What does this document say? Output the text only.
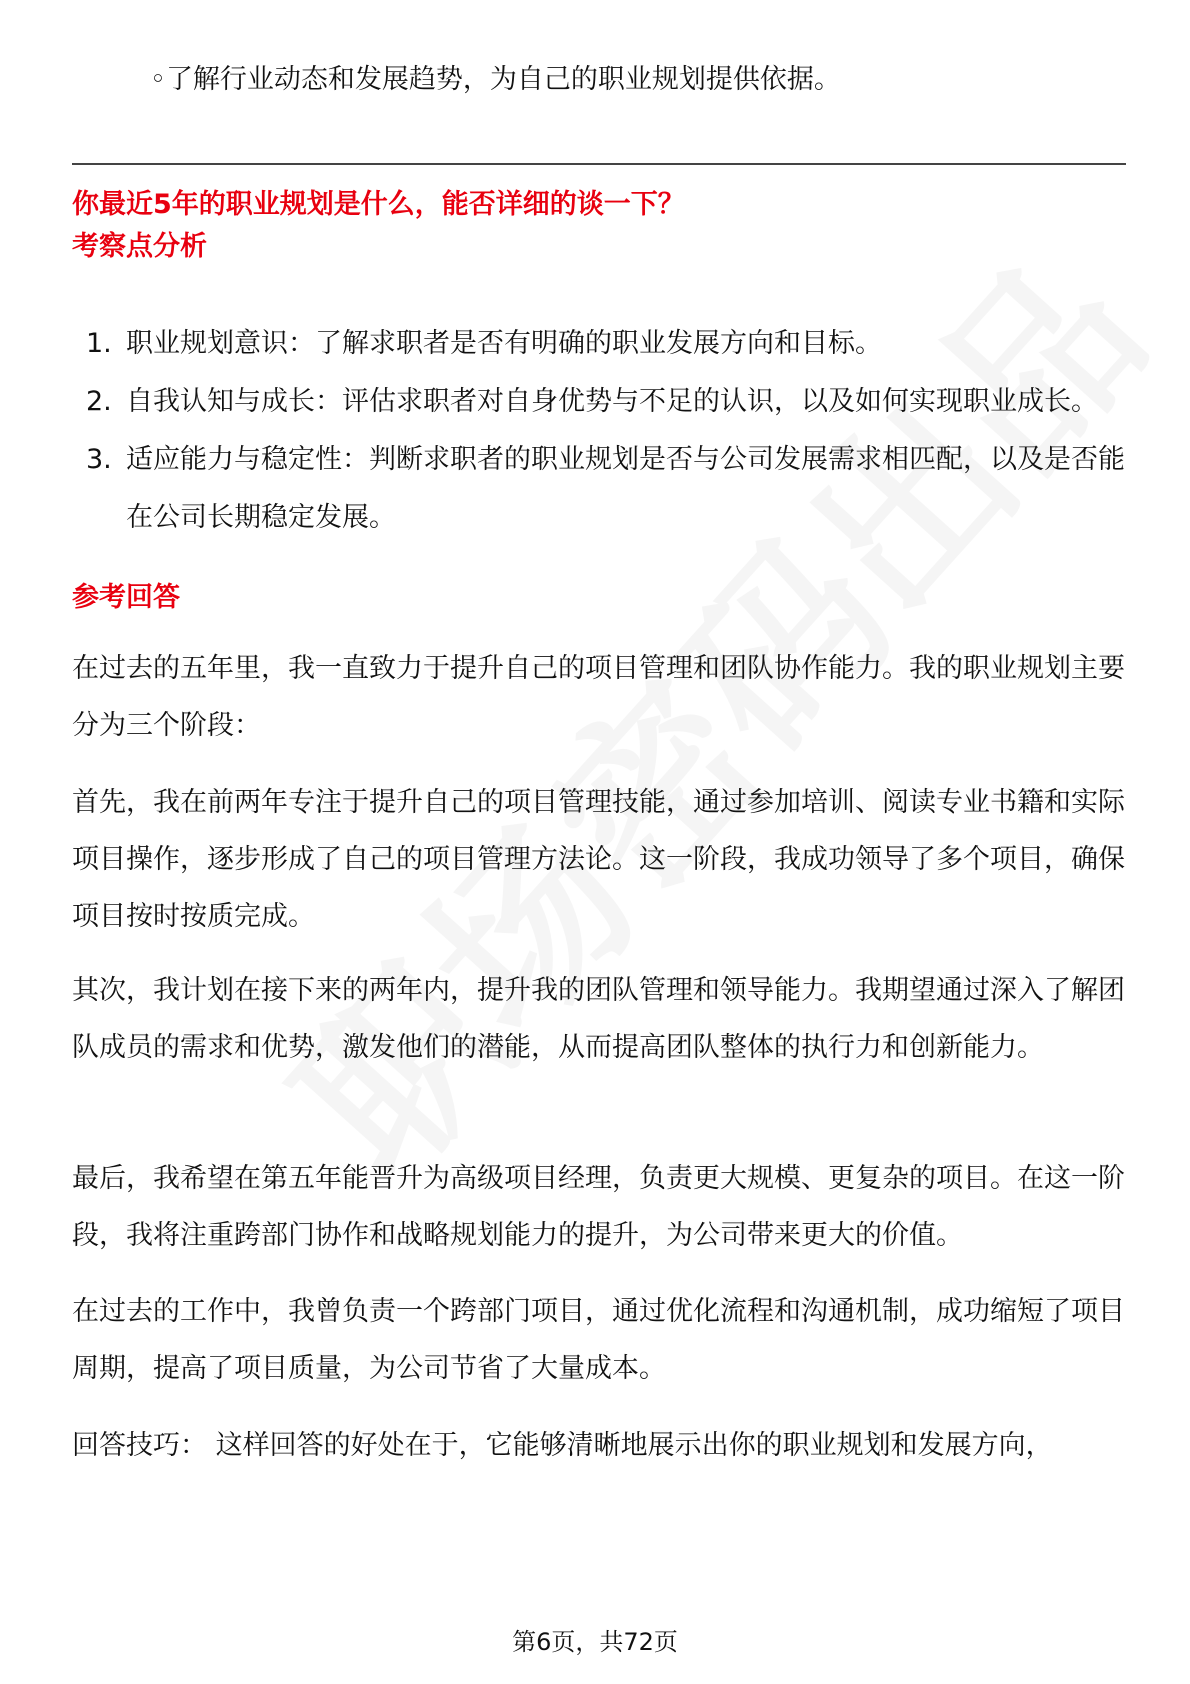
◦了解行业动态和发展趋势，为自己的职业规划提供依据。
你最近5年的职业规划是什么，能否详细的谈一下？
考察点分析
1. 职业规划意识：了解求职者是否有明确的职业发展方向和目标。
2. 自我认知与成长：评估求职者对自身优势与不足的认识，以及如何实现职业成长。
3. 适应能力与稳定性：判断求职者的职业规划是否与公司发展需求相匹配，以及是否能在公司长期稳定发展。
参考回答
在过去的五年里，我一直致力于提升自己的项目管理和团队协作能力。我的职业规划主要分为三个阶段：
首先，我在前两年专注于提升自己的项目管理技能，通过参加培训、阅读专业书籍和实际项目操作，逐步形成了自己的项目管理方法论。这一阶段，我成功领导了多个项目，确保项目按时按质完成。
其次，我计划在接下来的两年内，提升我的团队管理和领导能力。我期望通过深入了解团队成员的需求和优势，激发他们的潜能，从而提高团队整体的执行力和创新能力。
最后，我希望在第五年能晋升为高级项目经理，负责更大规模、更复杂的项目。在这一阶段，我将注重跨部门协作和战略规划能力的提升，为公司带来更大的价值。
在过去的工作中，我曾负责一个跨部门项目，通过优化流程和沟通机制，成功缩短了项目周期，提高了项目质量，为公司节省了大量成本。
回答技巧： 这样回答的好处在于，它能够清晰地展示出你的职业规划和发展方向，
第6页，共72页
